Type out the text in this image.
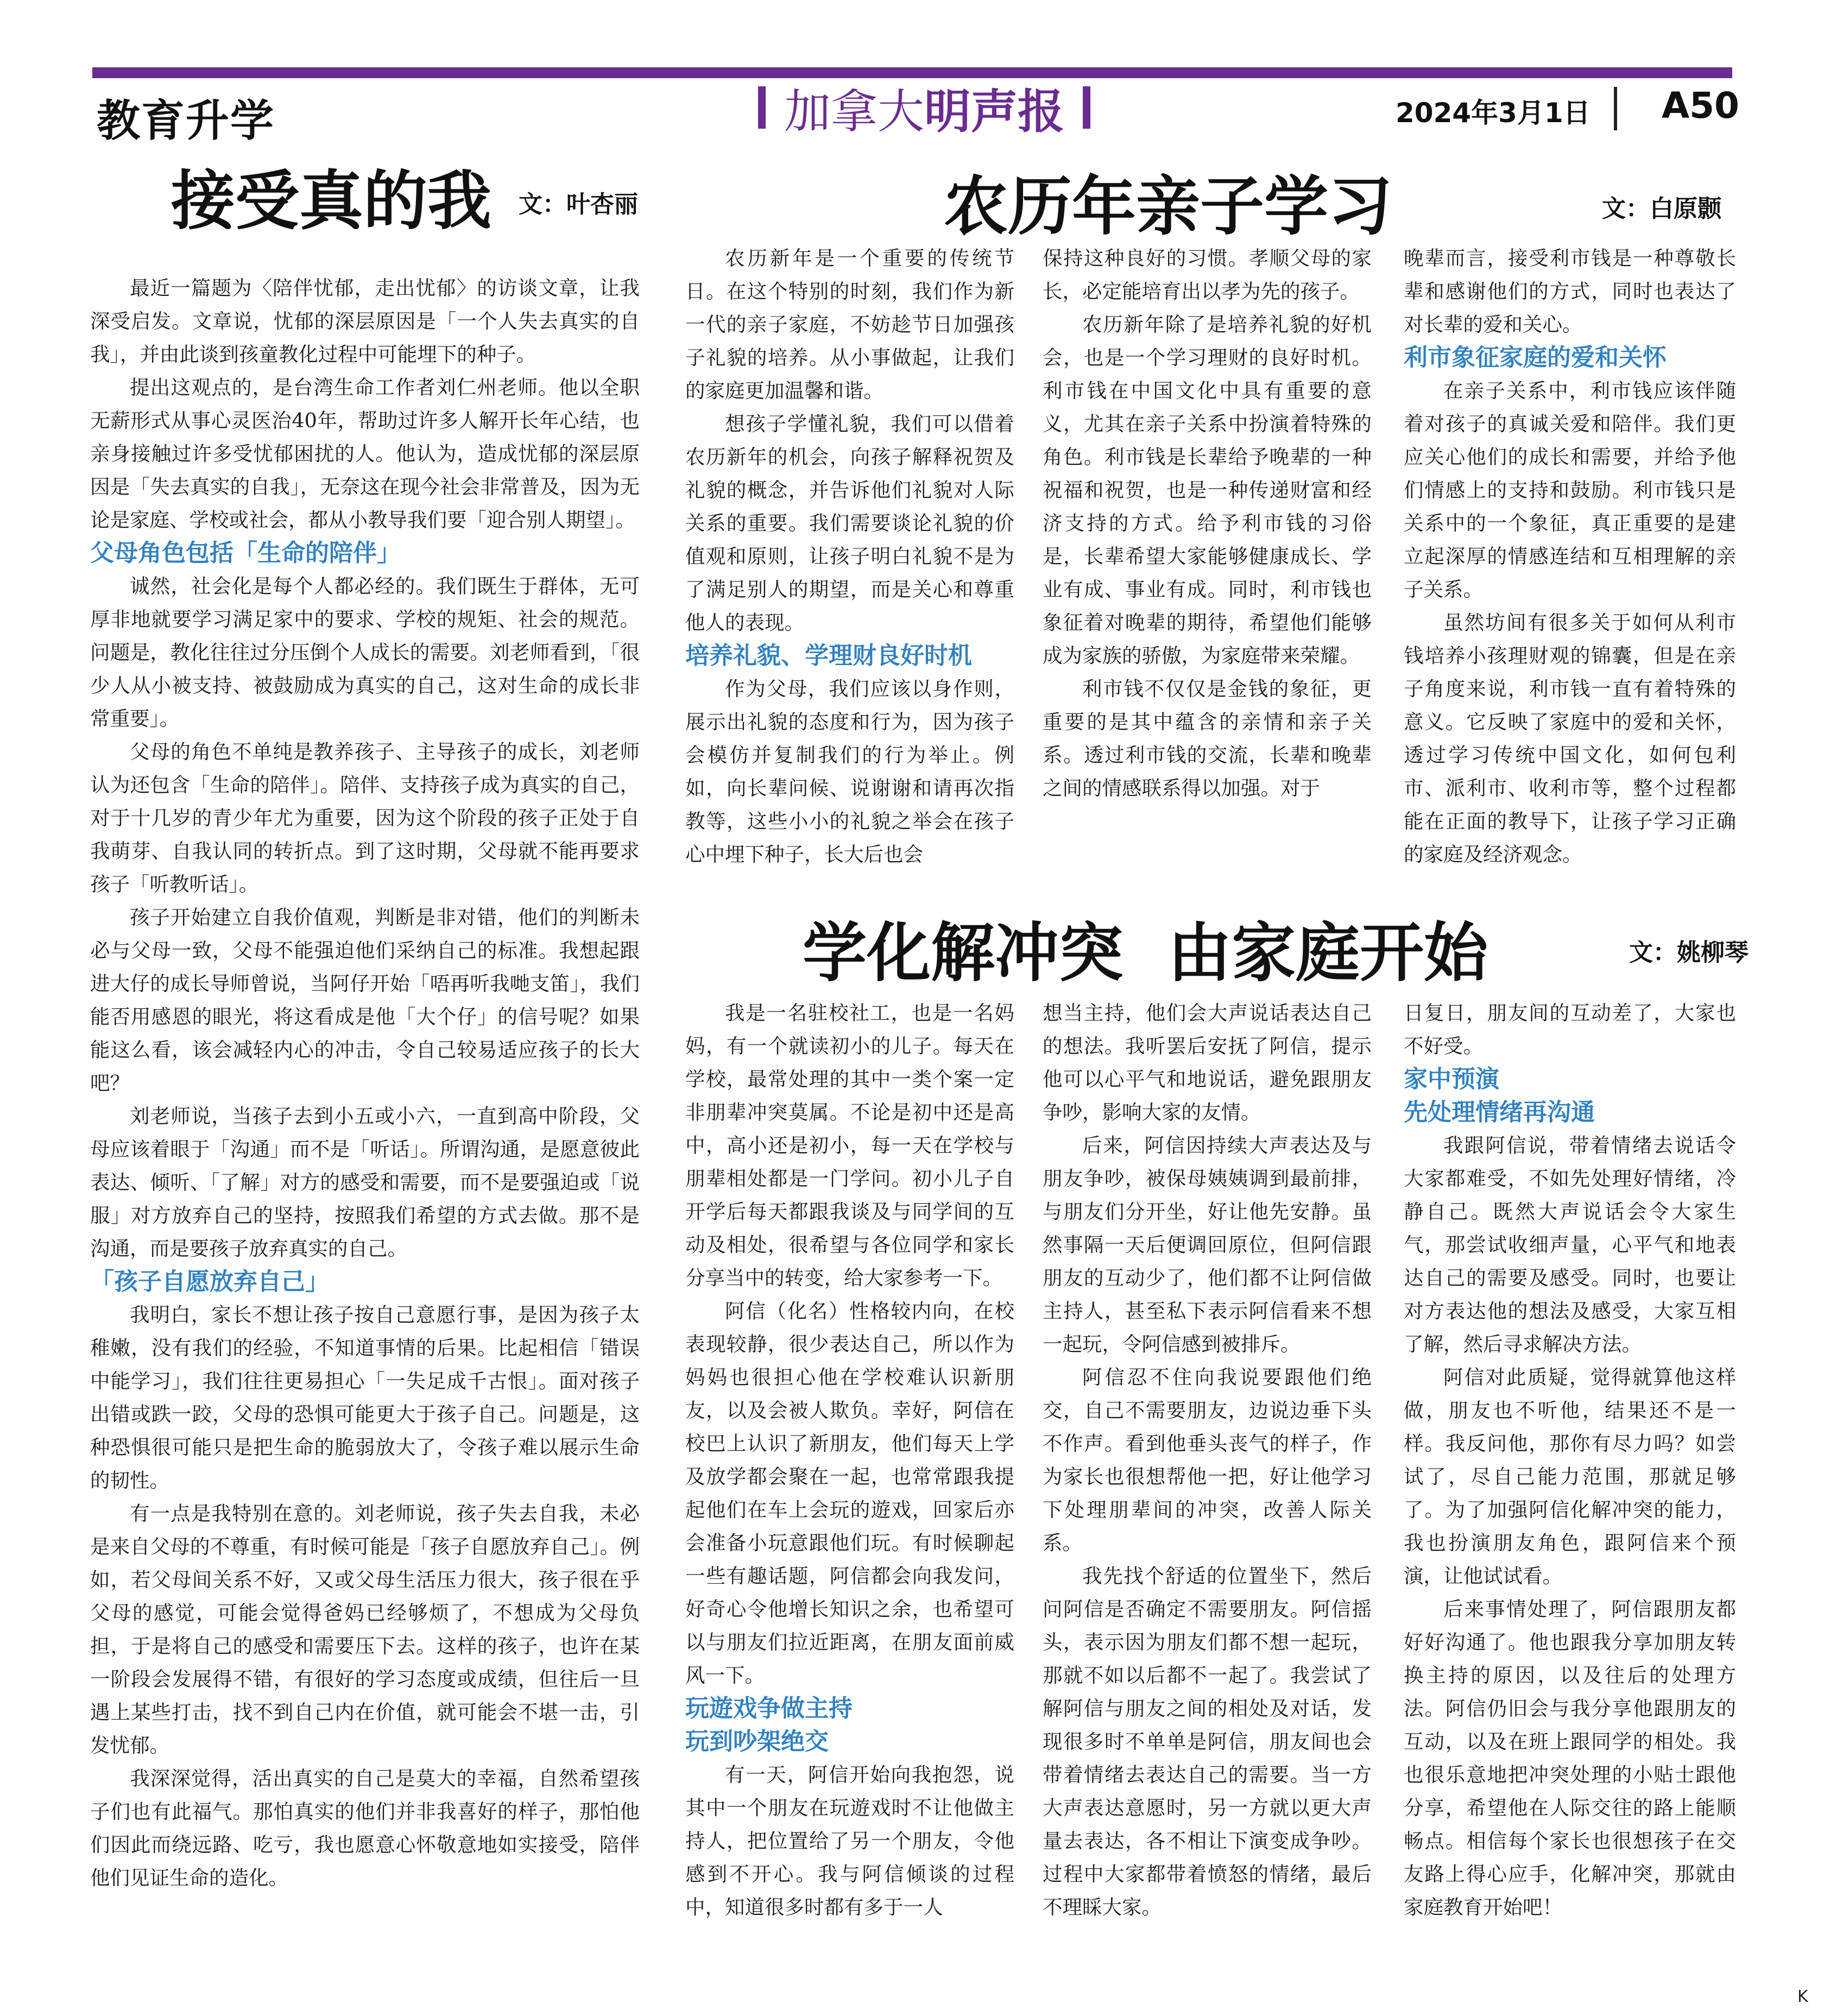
教育升学	加拿大 明声报	2024年3月1日 A50
接受真的我 文：叶杏丽

最近一篇题为〈陪伴忧郁，走出忧郁〉的访谈文章，让我深受启发。文章说，忧郁的深层原因是「一个人失去真实的自我」，并由此谈到孩童教化过程中可能埋下的种子。

提出这观点的，是台湾生命工作者刘仁州老师。他以全职无薪形式从事心灵医治40年，帮助过许多人解开长年心结，也亲身接触过许多受忧郁困扰的人。他认为，造成忧郁的深层原因是「失去真实的自我」，无奈这在现今社会非常普及，因为无论是家庭、学校或社会，都从小教导我们要「迎合别人期望」。

父母角色包括「生命的陪伴」

诚然，社会化是每个人都必经的。我们既生于群体，无可厚非地就要学习满足家中的要求、学校的规矩、社会的规范。问题是，教化往往过分压倒个人成长的需要。刘老师看到，「很少人从小被支持、被鼓励成为真实的自己，这对生命的成长非常重要」。

父母的角色不单纯是教养孩子、主导孩子的成长，刘老师认为还包含「生命的陪伴」。陪伴、支持孩子成为真实的自己，对于十几岁的青少年尤为重要，因为这个阶段的孩子正处于自我萌芽、自我认同的转折点。到了这时期，父母就不能再要求孩子「听教听话」。

孩子开始建立自我价值观，判断是非对错，他们的判断未必与父母一致，父母不能强迫他们采纳自己的标准。我想起跟进大仔的成长导师曾说，当阿仔开始「唔再听我哋支笛」，我们能否用感恩的眼光，将这看成是他「大个仔」的信号呢？如果能这么看，该会减轻内心的冲击，令自己较易适应孩子的长大吧？

刘老师说，当孩子去到小五或小六，一直到高中阶段，父母应该着眼于「沟通」而不是「听话」。所谓沟通，是愿意彼此表达、倾听、「了解」对方的感受和需要，而不是要强迫或「说服」对方放弃自己的坚持，按照我们希望的方式去做。那不是沟通，而是要孩子放弃真实的自己。

「孩子自愿放弃自己」

我明白，家长不想让孩子按自己意愿行事，是因为孩子太稚嫩，没有我们的经验，不知道事情的后果。比起相信「错误中能学习」，我们往往更易担心「一失足成千古恨」。面对孩子出错或跌一跤，父母的恐惧可能更大于孩子自己。问题是，这种恐惧很可能只是把生命的脆弱放大了，令孩子难以展示生命的韧性。

有一点是我特别在意的。刘老师说，孩子失去自我，未必是来自父母的不尊重，有时候可能是「孩子自愿放弃自己」。例如，若父母间关系不好，又或父母生活压力很大，孩子很在乎父母的感觉，可能会觉得爸妈已经够烦了，不想成为父母负担，于是将自己的感受和需要压下去。这样的孩子，也许在某一阶段会发展得不错，有很好的学习态度或成绩，但往后一旦遇上某些打击，找不到自己内在价值，就可能会不堪一击，引发忧郁。

我深深觉得，活出真实的自己是莫大的幸福，自然希望孩子们也有此福气。那怕真实的他们并非我喜好的样子，那怕他们因此而绕远路、吃亏，我也愿意心怀敬意地如实接受，陪伴他们见证生命的造化。

农历年亲子学习	文：白原颢

农历新年是一个重要的传统节日。在这个特别的时刻，我们作为新一代的亲子家庭，不妨趁节日加强孩子礼貌的培养。从小事做起，让我们的家庭更加温馨和谐。

想孩子学懂礼貌，我们可以借着农历新年的机会，向孩子解释祝贺及礼貌的概念，并告诉他们礼貌对人际关系的重要。我们需要谈论礼貌的价值观和原则，让孩子明白礼貌不是为了满足别人的期望，而是关心和尊重他人的表现。

培养礼貌、学理财良好时机

作为父母，我们应该以身作则，展示出礼貌的态度和行为，因为孩子会模仿并复制我们的行为举止。例如，向长辈问候、说谢谢和请再次指教等，这些小小的礼貌之举会在孩子心中埋下种子，长大后也会

保持这种良好的习惯。孝顺父母的家长，必定能培育出以孝为先的孩子。

农历新年除了是培养礼貌的好机会，也是一个学习理财的良好时机。利市钱在中国文化中具有重要的意义，尤其在亲子关系中扮演着特殊的角色。利市钱是长辈给予晚辈的一种祝福和祝贺，也是一种传递财富和经济支持的方式。给予利市钱的习俗是，长辈希望大家能够健康成长、学业有成、事业有成。同时，利市钱也象征着对晚辈的期待，希望他们能够成为家族的骄傲，为家庭带来荣耀。

利市钱不仅仅是金钱的象征，更重要的是其中蕴含的亲情和亲子关系。透过利市钱的交流，长辈和晚辈之间的情感联系得以加强。对于

晚辈而言，接受利市钱是一种尊敬长辈和感谢他们的方式，同时也表达了对长辈的爱和关心。

利市象征家庭的爱和关怀

在亲子关系中，利市钱应该伴随着对孩子的真诚关爱和陪伴。我们更应关心他们的成长和需要，并给予他们情感上的支持和鼓励。利市钱只是关系中的一个象征，真正重要的是建立起深厚的情感连结和互相理解的亲子关系。

虽然坊间有很多关于如何从利市钱培养小孩理财观的锦囊，但是在亲子角度来说，利市钱一直有着特殊的意义。它反映了家庭中的爱和关怀，透过学习传统中国文化，如何包利市、派利市、收利市等，整个过程都能在正面的教导下，让孩子学习正确的家庭及经济观念。

学化解冲突  由家庭开始	文：姚柳琴

我是一名驻校社工，也是一名妈妈，有一个就读初小的儿子。每天在学校，最常处理的其中一类个案一定非朋辈冲突莫属。不论是初中还是高中，高小还是初小，每一天在学校与朋辈相处都是一门学问。初小儿子自开学后每天都跟我谈及与同学间的互动及相处，很希望与各位同学和家长分享当中的转变，给大家参考一下。

阿信（化名）性格较内向，在校表现较静，很少表达自己，所以作为妈妈也很担心他在学校难认识新朋友，以及会被人欺负。幸好，阿信在校巴上认识了新朋友，他们每天上学及放学都会聚在一起，也常常跟我提起他们在车上会玩的遊戏，回家后亦会准备小玩意跟他们玩。有时候聊起一些有趣话题，阿信都会向我发问，好奇心令他增长知识之余，也希望可以与朋友们拉近距离，在朋友面前威风一下。

玩遊戏争做主持
玩到吵架绝交

有一天，阿信开始向我抱怨，说其中一个朋友在玩遊戏时不让他做主持人，把位置给了另一个朋友，令他感到不开心。我与阿信倾谈的过程中，知道很多时都有多于一人

想当主持，他们会大声说话表达自己的想法。我听罢后安抚了阿信，提示他可以心平气和地说话，避免跟朋友争吵，影响大家的友情。

后来，阿信因持续大声表达及与朋友争吵，被保母姨姨调到最前排，与朋友们分开坐，好让他先安静。虽然事隔一天后便调回原位，但阿信跟朋友的互动少了，他们都不让阿信做主持人，甚至私下表示阿信看来不想一起玩，令阿信感到被排斥。

阿信忍不住向我说要跟他们绝交，自己不需要朋友，边说边垂下头不作声。看到他垂头丧气的样子，作为家长也很想帮他一把，好让他学习下处理朋辈间的冲突，改善人际关系。

我先找个舒适的位置坐下，然后问阿信是否确定不需要朋友。阿信摇头，表示因为朋友们都不想一起玩，那就不如以后都不一起了。我尝试了解阿信与朋友之间的相处及对话，发现很多时不单单是阿信，朋友间也会带着情绪去表达自己的需要。当一方大声表达意愿时，另一方就以更大声量去表达，各不相让下演变成争吵。过程中大家都带着愤怒的情绪，最后不理睬大家。

日复日，朋友间的互动差了，大家也不好受。

家中预演
先处理情绪再沟通

我跟阿信说，带着情绪去说话令大家都难受，不如先处理好情绪，冷静自己。既然大声说话会令大家生气，那尝试收细声量，心平气和地表达自己的需要及感受。同时，也要让对方表达他的想法及感受，大家互相了解，然后寻求解决方法。

阿信对此质疑，觉得就算他这样做，朋友也不听他，结果还不是一样。我反问他，那你有尽力吗？如尝试了，尽自己能力范围，那就足够了。为了加强阿信化解冲突的能力，我也扮演朋友角色，跟阿信来个预演，让他试试看。

后来事情处理了，阿信跟朋友都好好沟通了。他也跟我分享加朋友转换主持的原因，以及往后的处理方法。阿信仍旧会与我分享他跟朋友的互动，以及在班上跟同学的相处。我也很乐意地把冲突处理的小贴士跟他分享，希望他在人际交往的路上能顺畅点。相信每个家长也很想孩子在交友路上得心应手，化解冲突，那就由家庭教育开始吧！

K
